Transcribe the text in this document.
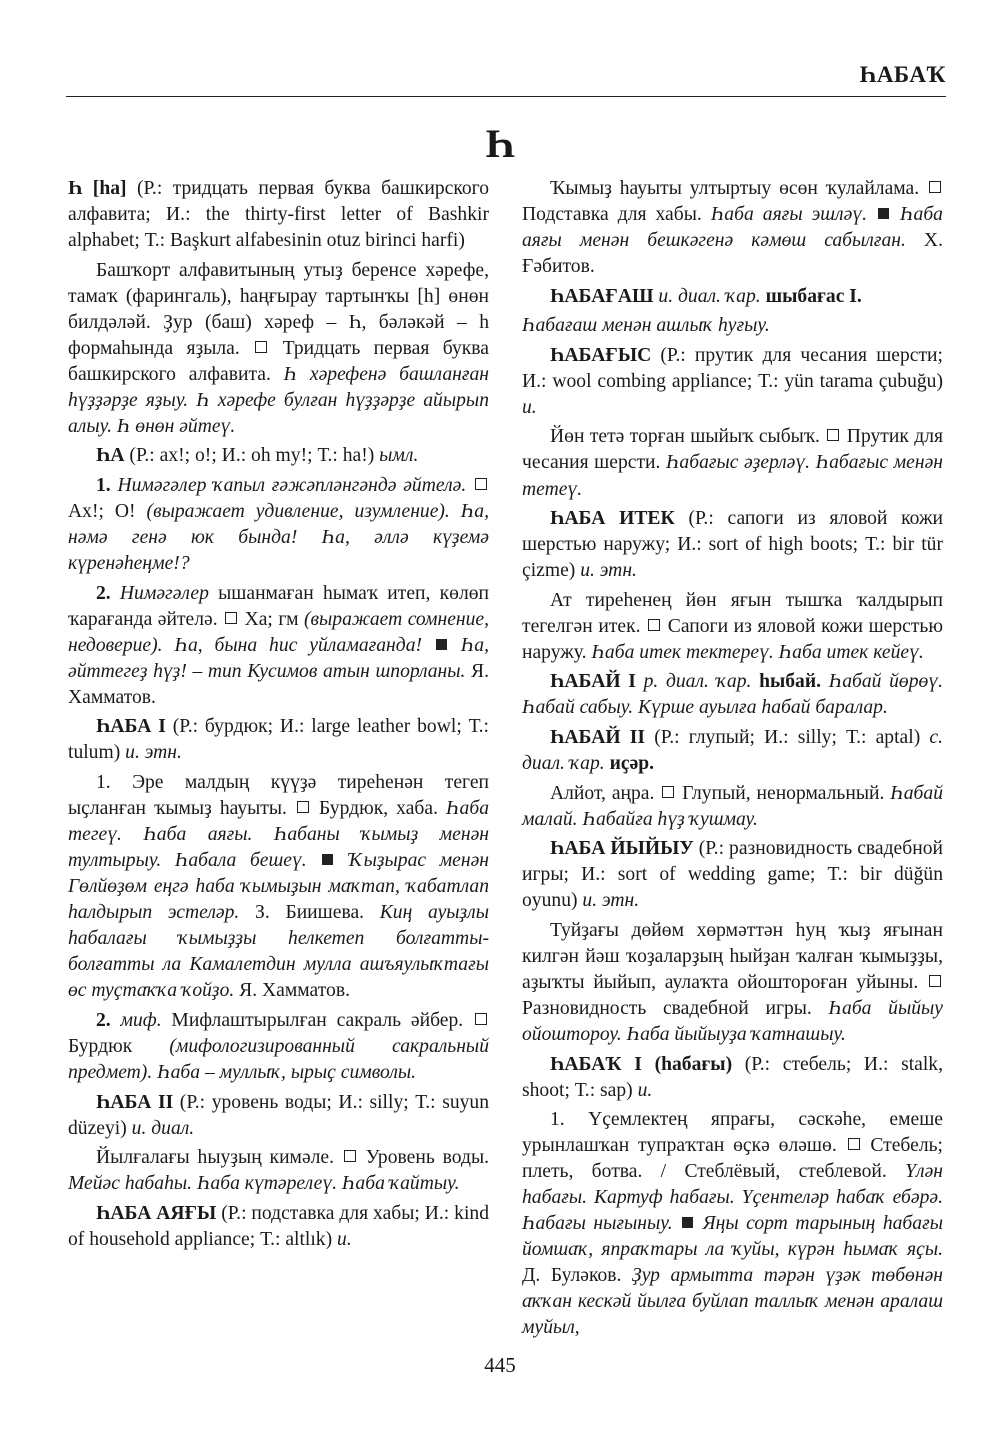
ҺАБАҠ
Һ

Һ [ha] (Р.: тридцать первая буква башкирского алфавита; И.: the thirty-first letter of Bashkir alphabet; Т.: Başkurt alfabesinin otuz birinci harfi)

Башҡорт алфавитының утыҙ беренсе хәрефе, тамаҡ (фарингаль), һаңғырау тартынҡы [h] өнөн билдәләй. Ҙур (баш) хәреф – Һ, бәләкәй – һ формаһында яҙыла.  Тридцать первая буква башкирского алфавита. Һ хәрефенә башланған һүҙҙәрҙе яҙыу. Һ хәрефе булған һүҙҙәрҙе айырып алыу. Һ өнөн әйтеү.

ҺА (Р.: ах!; о!; И.: oh my!; Т.: ha!) ымл.

1. Нимәгәлер ҡапыл ғәжәпләнгәндә әйтелә.  Ах!; О! (выражает удивление, изумление). Һа, нәмә генә юк бында! Һа, әллә күҙемә күренәһеңме!?

2. Нимәгәлер ышанмаған һымаҡ итеп, көлөп ҡарағанда әйтелә.  Ха; гм (выражает сомнение, недоверие). Һа, бына һис уйламағанда!  Һа, әйттегеҙ һүҙ! – тип Кусимов атын шпорланы. Я. Хамматов.

ҺАБА I (Р.: бурдюк; И.: large leather bowl; Т.: tulum) и. этн.

1. Эре малдың күүҙә тиреһенән тегеп ыҫланған ҡымыҙ һауыты.  Бурдюк, хаба. Һаба тегеү. Һаба аяғы. Һабаны ҡымыҙ менән тултырыу. Һабала бешеү.  Ҡыҙырас менән Гөлйөҙөм еңгә һаба ҡымыҙын маҡтап, ҡабатлап һалдырып эстеләр. З. Биишева. Киң ауыҙлы һабалағы ҡымыҙҙы һелкетеп болғатты-болғатты ла Камалетдин мулла ашъяулыҡтағы өс туҫтаҡҡа ҡойҙо. Я. Хамматов.

2. миф. Мифлаштырылған сакраль әйбер.  Бурдюк (мифологизированный сакральный предмет). Һаба – муллыҡ, ырыҫ символы.

ҺАБА II (Р.: уровень воды; И.: silly; Т.: suyun düzeyi) и. диал.

Йылғалағы һыуҙың кимәле.  Уровень воды. Мейәс һабаһы. Һаба күтәрелеү. Һаба ҡайтыу.

ҺАБА АЯҒЫ (Р.: подставка для хабы; И.: kind of household appliance; Т.: altlık) и.

Ҡымыҙ һауыты ултыртыу өсөн ҡулайлама.  Подставка для хабы. Һаба аяғы эшләү.  Һаба аяғы менән бешкәгенә кәмөш сабылған. Х. Ғәбитов.

ҺАБАҒАШ и. диал. ҡар. шыбағас I.

Һабағаш менән ашлыҡ һуғыу.

ҺАБАҒЫС (Р.: прутик для чесания шерсти; И.: wool combing appliance; Т.: yün tarama çubuğu) и.

Йөн тетә торған шыйыҡ сыбыҡ.  Прутик для чесания шерсти. Һабағыс әҙерләү. Һабағыс менән тетеү.

ҺАБА ИТЕК (Р.: сапоги из яловой кожи шерстью наружу; И.: sort of high boots; Т.: bir tür çizme) и. этн.

Ат тиреһенең йөн яғын тышҡа ҡалдырып тегелгән итек.  Сапоги из яловой кожи шерстью наружу. Һаба итек тектереү. Һаба итек кейеү.

ҺАБАЙ I р. диал. ҡар. һыбай. Һабай йөрөү. Һабай сабыу. Күрше ауылға һабай баралар.

ҺАБАЙ II (Р.: глупый; И.: silly; Т.: aptal) с. диал. ҡар. иҫәр.

Алйот, аңра.  Глупый, ненормальный. Һабай малай. Һабайға һүҙ ҡушмау.

ҺАБА ЙЫЙЫУ (Р.: разновидность свадебной игры; И.: sort of wedding game; Т.: bir düğün oyunu) и. этн.

Туйҙағы дөйөм хөрмәттән һуң ҡыҙ яғынан килгән йәш ҡоҙаларҙың һыйҙан ҡалған ҡымыҙҙы, аҙыҡты йыйып, аулаҡта ойоштороған уйыны.  Разновидность свадебной игры. Һаба йыйыу ойоштороу. Һаба йыйыуҙа ҡатнашыу.

ҺАБАҠ I (һабағы) (Р.: стебель; И.: stalk, shoot; Т.: sap) и.

1. Үҫемлектең япрағы, сәскәһе, емеше урынлашҡан тупраҡтан өҫкә өләшө.  Стебель; плеть, ботва. / Стеблёвый, стеблевой. Үлән һабағы. Картуф һабағы. Үҫентеләр һабаҡ ебәрә. Һабағы нығыныу.  Яңы сорт тарының һабағы йомшаҡ, япраҡтары ла ҡуйы, күрән һымаҡ яҫы. Д. Буләков. Ҙур армытта тәрән үҙәк төбөнән аҡҡан кескәй йылға буйлап таллыҡ менән аралаш муйыл,

445
